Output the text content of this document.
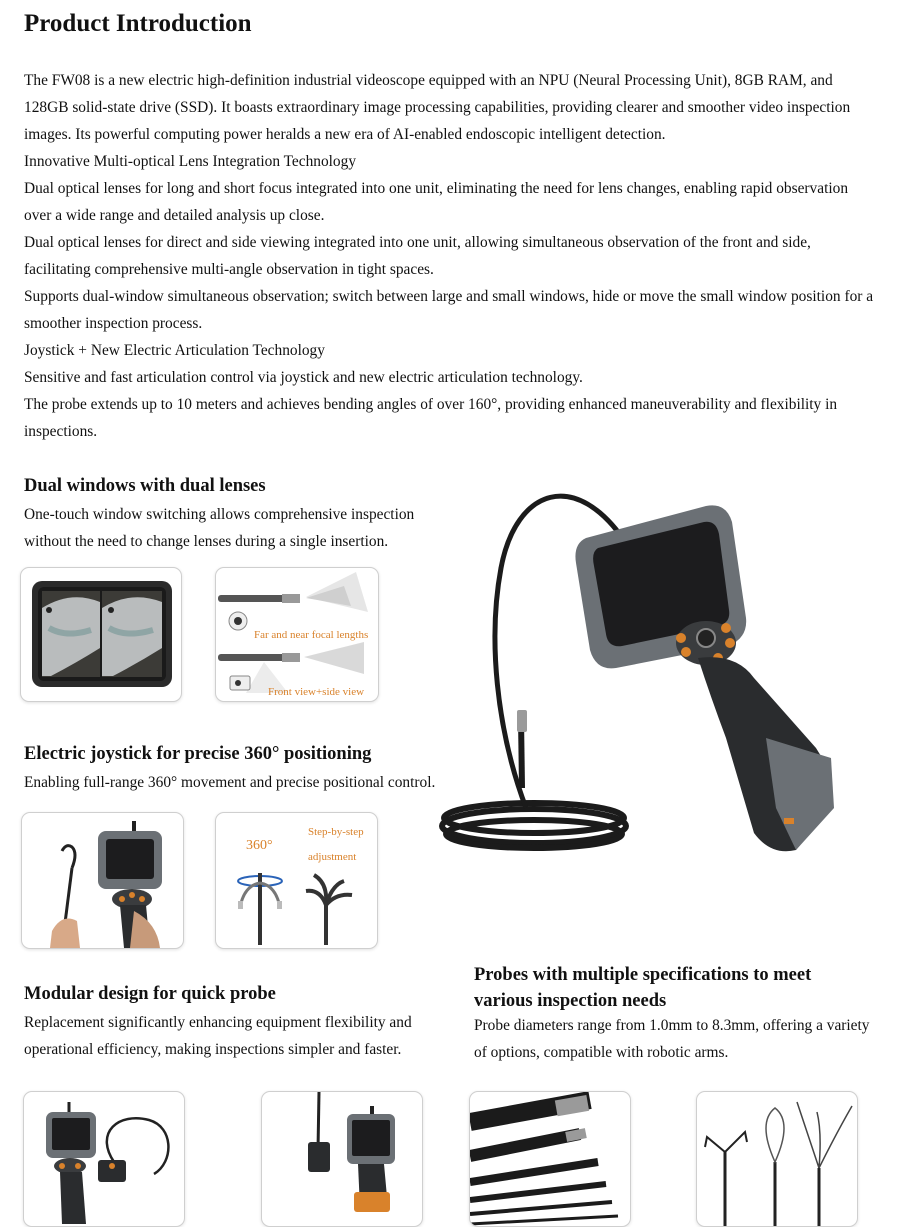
Product Introduction

The FW08 is a new electric high-definition industrial videoscope equipped with an NPU (Neural Processing Unit), 8GB RAM, and 128GB solid-state drive (SSD). It boasts extraordinary image processing capabilities, providing clearer and smoother video inspection images. Its powerful computing power heralds a new era of AI-enabled endoscopic intelligent detection.

Innovative Multi-optical Lens Integration Technology

Dual optical lenses for long and short focus integrated into one unit, eliminating the need for lens changes, enabling rapid observation over a wide range and detailed analysis up close.

Dual optical lenses for direct and side viewing integrated into one unit, allowing simultaneous observation of the front and side, facilitating comprehensive multi-angle observation in tight spaces.

Supports dual-window simultaneous observation; switch between large and small windows, hide or move the small window position for a smoother inspection process.

Joystick + New Electric Articulation Technology

Sensitive and fast articulation control via joystick and new electric articulation technology.

The probe extends up to 10 meters and achieves bending angles of over 160°, providing enhanced maneuverability and flexibility in inspections.

Dual windows with dual lenses

One-touch window switching allows comprehensive inspection without the need to change lenses during a single insertion.

Far and near focal lengths
Front view+side view
Electric joystick for precise 360° positioning

Enabling full-range 360° movement and precise positional control.

360°
Step-by-step
adjustment
Modular design for quick probe

Replacement significantly enhancing equipment flexibility and operational efficiency, making inspections simpler and faster.

Probes with multiple specifications to meet various inspection needs

Probe diameters range from 1.0mm to 8.3mm, offering a variety of options, compatible with robotic arms.
